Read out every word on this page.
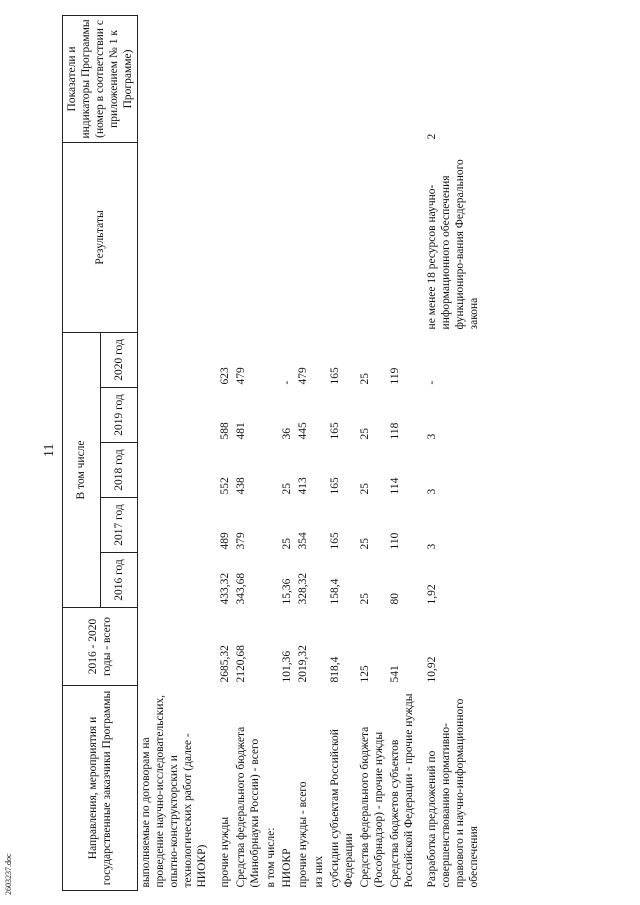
2603237.doc
11
Направления, мероприятия и государственные заказчики Программы	2016 - 2020 годы - всего	В том числе					Результаты	Показатели и индикаторы Программы (номер в соответствии с приложением № 1 к Программе)
		2016 год	2017 год	2018 год	2019 год	2020 год		
выполняемые по договорам на проведение научно-исследовательских, опытно-конструкторских и технологических работ (далее - НИОКР)								
прочие нужды	2685,32	433,32	489	552	588	623		
Средства федерального бюджета (Минобрнауки России) - всего	2120,68	343,68	379	438	481	479		
в том числе:								
НИОКР	101,36	15,36	25	25	36	-		
прочие нужды - всего	2019,32	328,32	354	413	445	479		
из них								
субсидии субъектам Российской Федерации	818,4	158,4	165	165	165	165		
Средства федерального бюджета (Рособрнадзор) - прочие нужды	125	25	25	25	25	25		
Средства бюджетов субъектов Российской Федерации - прочие нужды	541	80	110	114	118	119		
Разработка предложений по совершенствованию нормативно-правового и научно-информационного обеспечения	10,92	1,92	3	3	3	-	не менее 18 ресурсов научно-информационного обеспечения функциониро-вания Федерального закона	2
